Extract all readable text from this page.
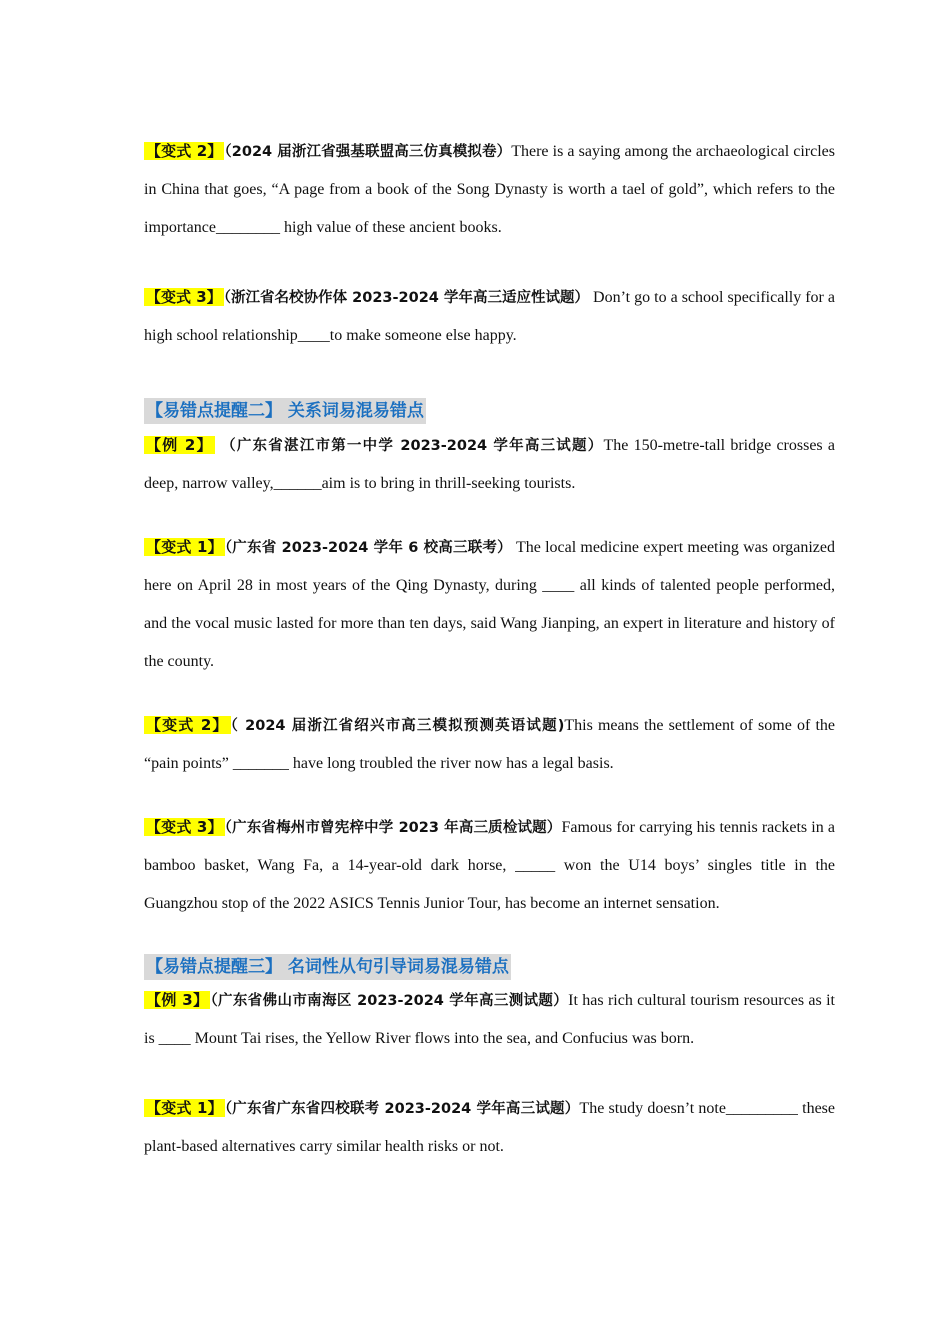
【变式 2】 （2024 届浙江省强基联盟高三仿真模拟卷）There is a saying among the archaeological circles in China that goes, “A page from a book of the Song Dynasty is worth a tael of gold”, which refers to the importance________ high value of these ancient books.

【变式 3】 （浙江省名校协作体 2023-2024 学年高三适应性试题） Don’t go to a school specifically for a high school relationship____to make someone else happy.

【易错点提醒二】 关系词易混易错点

【例 2】 （广东省湛江市第一中学 2023-2024 学年高三试题）The 150-metre-tall bridge crosses a deep, narrow valley,______aim is to bring in thrill-seeking tourists.

【变式 1】 （广东省 2023-2024 学年 6 校高三联考） The local medicine expert meeting was organized here on April 28 in most years of the Qing Dynasty, during ____ all kinds of talented people performed, and the vocal music lasted for more than ten days, said Wang Jianping, an expert in literature and history of the county.

【变式 2】 （ 2024 届浙江省绍兴市高三模拟预测英语试题)This means the settlement of some of the “pain points” _______ have long troubled the river now has a legal basis.

【变式 3】 （广东省梅州市曾宪梓中学 2023 年高三质检试题）Famous for carrying his tennis rackets in a bamboo basket, Wang Fa, a 14-year-old dark horse, _____ won the U14 boys’ singles title in the Guangzhou stop of the 2022 ASICS Tennis Junior Tour, has become an internet sensation.

【易错点提醒三】 名词性从句引导词易混易错点

【例 3】 （广东省佛山市南海区 2023-2024 学年高三测试题）It has rich cultural tourism resources as it is ____ Mount Tai rises, the Yellow River flows into the sea, and Confucius was born.

【变式 1】 （广东省广东省四校联考 2023-2024 学年高三试题）The study doesn’t note_________ these plant-based alternatives carry similar health risks or not.
